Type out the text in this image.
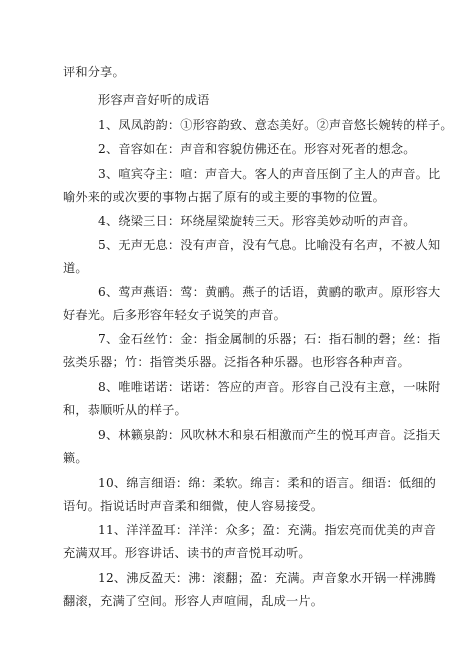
评和分享。
形容声音好听的成语
1、凤凤韵韵：①形容韵致、意态美好。②声音悠长婉转的样子。
2、音容如在：声音和容貌仿佛还在。形容对死者的想念。
3、喧宾夺主：喧：声音大。客人的声音压倒了主人的声音。比
喻外来的或次要的事物占据了原有的或主要的事物的位置。
4、绕梁三日：环绕屋梁旋转三天。形容美妙动听的声音。
5、无声无息：没有声音，没有气息。比喻没有名声，不被人知
道。
6、莺声燕语：莺：黄鹂。燕子的话语，黄鹂的歌声。原形容大
好春光。后多形容年轻女子说笑的声音。
7、金石丝竹：金：指金属制的乐器；石：指石制的磬；丝：指
弦类乐器；竹：指管类乐器。泛指各种乐器。也形容各种声音。
8、唯唯诺诺：诺诺：答应的声音。形容自己没有主意，一味附
和，恭顺听从的样子。
9、林籁泉韵：风吹林木和泉石相激而产生的悦耳声音。泛指天
籁。
10、绵言细语：绵：柔软。绵言：柔和的语言。细语：低细的
语句。指说话时声音柔和细微，使人容易接受。
11、洋洋盈耳：洋洋：众多；盈：充满。指宏亮而优美的声音
充满双耳。形容讲话、读书的声音悦耳动听。
12、沸反盈天：沸：滚翻；盈：充满。声音象水开锅一样沸腾
翻滚，充满了空间。形容人声喧闹，乱成一片。
